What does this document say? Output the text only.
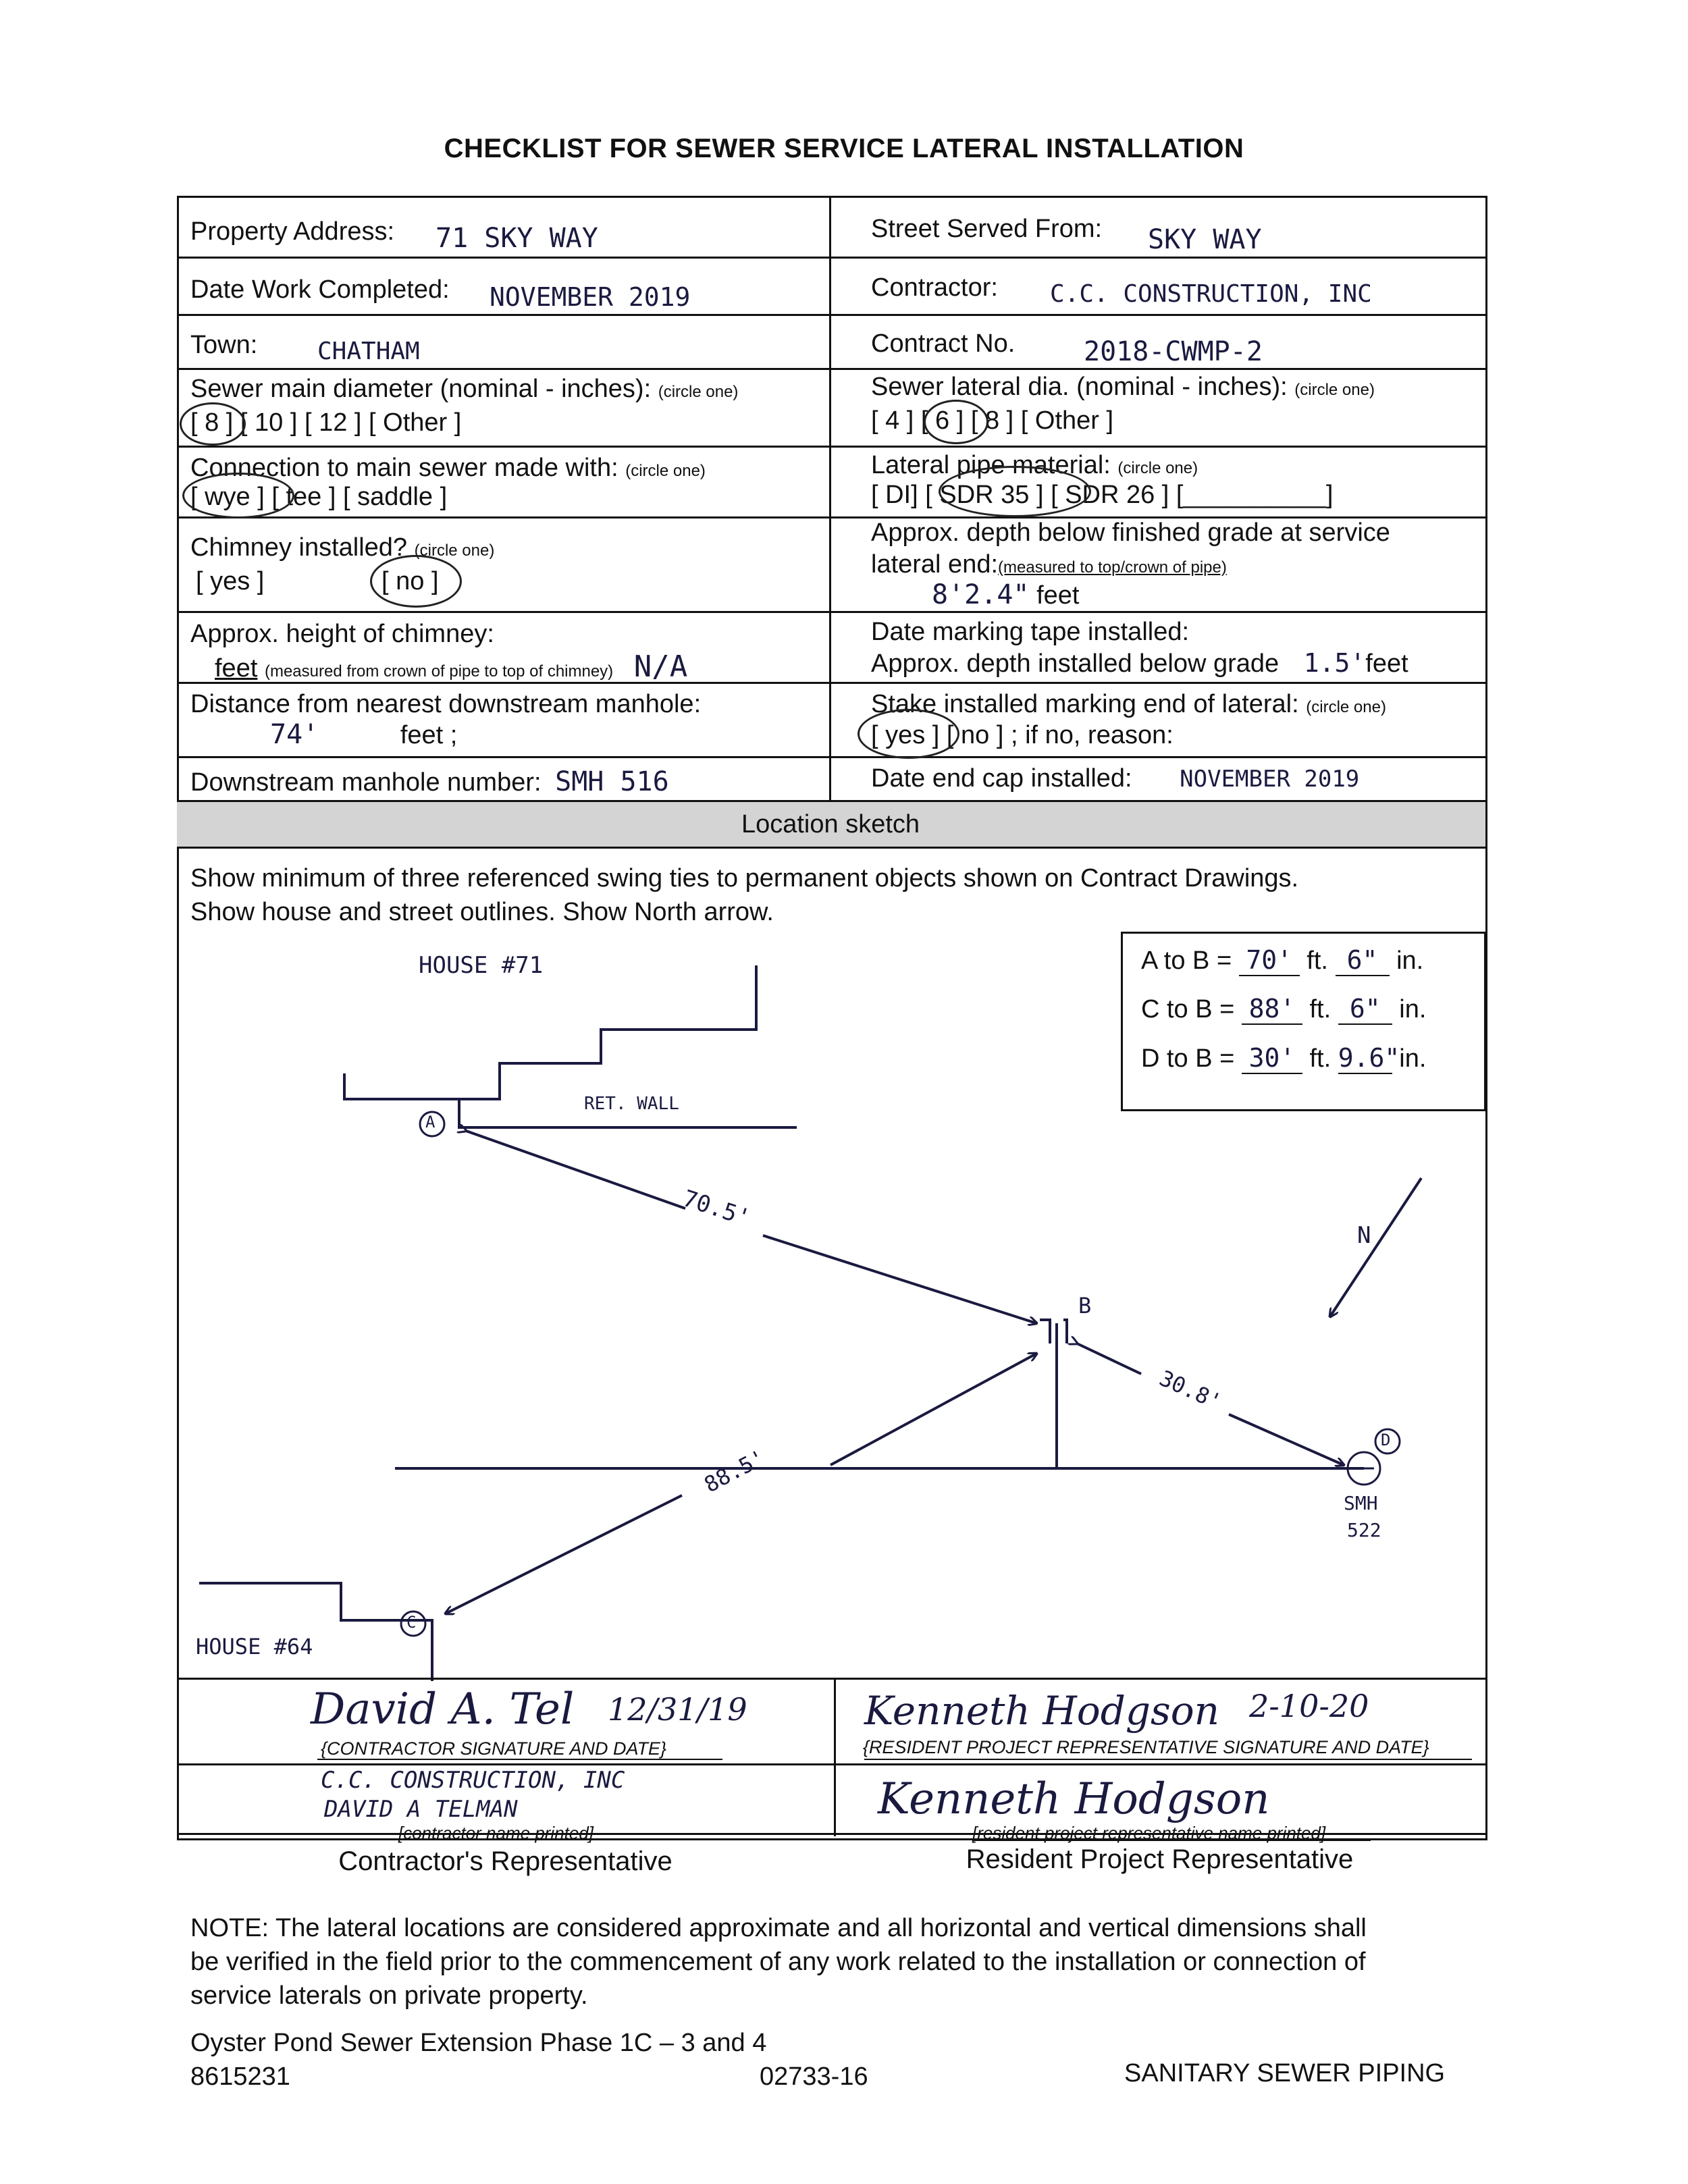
CHECKLIST FOR SEWER SERVICE LATERAL INSTALLATION
Property Address: 71 SKY WAY	Street Served From: SKY WAY
Date Work Completed: NOVEMBER 2019	Contractor: C.C. CONSTRUCTION, INC
Town: CHATHAM	Contract No.	2018-CWMP-2
Sewer main diameter (nominal - inches): (circle one)
[ 8 ] [ 10 ] [ 12 ] [ Other ]
Sewer lateral dia. (nominal - inches): (circle one)
[ 4 ] [ 6 ] [ 8 ] [ Other ]
Connection to main sewer made with: (circle one)
[ wye ] [ tee ] [ saddle ]
Lateral pipe material: (circle one)
[ DI] [ SDR 35 ] [ SDR 26 ] [__________]
Chimney installed? (circle one)
[ yes ]	[ no ]
Approx. depth below finished grade at service
lateral end:(measured to top/crown of pipe)
8'2.4" feet
Approx. height of chimney:
feet (measured from crown of pipe to top of chimney) N/A
Date marking tape installed:
Approx. depth installed below grade 1.5'feet
Distance from nearest downstream manhole:
74'	feet ;
Stake installed marking end of lateral: (circle one)
[ yes ] [ no ] ; if no, reason:
Downstream manhole number: SMH 516	Date end cap installed: NOVEMBER 2019
Location sketch
Show minimum of three referenced swing ties to permanent objects shown on Contract Drawings.
Show house and street outlines. Show North arrow.
A to B = 70' ft. 6" in.
C to B = 88' ft. 6" in.
D to B = 30' ft. 9.6" in.
HOUSE #71
RET. WALL
A
B
C
D
70.5'
88.5'
30.8'
SMH
522
N
HOUSE #64
David A. Tel 12/31/19
{CONTRACTOR SIGNATURE AND DATE}
Kenneth Hodgson 2-10-20
{RESIDENT PROJECT REPRESENTATIVE SIGNATURE AND DATE}
C.C. CONSTRUCTION, INC
DAVID A TELMAN
[contractor name printed]
Kenneth Hodgson
[resident project representative name printed]
Contractor's Representative	Resident Project Representative
NOTE: The lateral locations are considered approximate and all horizontal and vertical dimensions shall
be verified in the field prior to the commencement of any work related to the installation or connection of
service laterals on private property.
Oyster Pond Sewer Extension Phase 1C – 3 and 4
8615231	02733-16	SANITARY SEWER PIPING
